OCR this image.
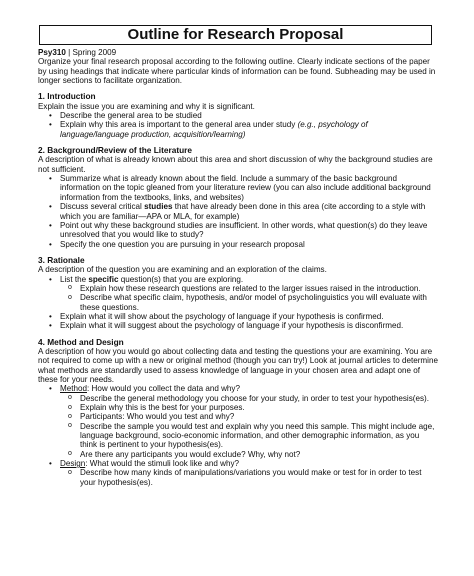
Outline for Research Proposal

Psy310 | Spring 2009

Organize your final research proposal according to the following outline. Clearly indicate sections of the paper by using headings that indicate where particular kinds of information can be found. Subheading may be used in longer sections to facilitate organization.

1. Introduction

Explain the issue you are examining and why it is significant.

• Describe the general area to be studied
• Explain why this area is important to the general area under study (e.g., psychology of language/language production, acquisition/learning)
2. Background/Review of the Literature

A description of what is already known about this area and short discussion of why the background studies are not sufficient.

• Summarize what is already known about the field. Include a summary of the basic background information on the topic gleaned from your literature review (you can also include additional background information from the textbooks, links, and websites)
• Discuss several critical studies that have already been done in this area (cite according to a style with which you are familiar—APA or MLA, for example)
• Point out why these background studies are insufficient. In other words, what question(s) do they leave unresolved that you would like to study?
• Specify the one question you are pursuing in your research proposal
3. Rationale

A description of the question you are examining and an exploration of the claims.

• List the specific question(s) that you are exploring.
o Explain how these research questions are related to the larger issues raised in the introduction.
o Describe what specific claim, hypothesis, and/or model of psycholinguistics you will evaluate with these questions.
• Explain what it will show about the psychology of language if your hypothesis is confirmed.
• Explain what it will suggest about the psychology of language if your hypothesis is disconfirmed.
4. Method and Design

A description of how you would go about collecting data and testing the questions your are examining. You are not required to come up with a new or original method (though you can try!) Look at journal articles to determine what methods are standardly used to assess knowledge of language in your chosen area and adapt one of these for your needs.

• Method: How would you collect the data and why?
o Describe the general methodology you choose for your study, in order to test your hypothesis(es).
o Explain why this is the best for your purposes.
o Participants: Who would you test and why?
o Describe the sample you would test and explain why you need this sample. This might include age, language background, socio-economic information, and other demographic information, as you think is pertinent to your hypothesis(es).
o Are there any participants you would exclude? Why, why not?
• Design: What would the stimuli look like and why?
o Describe how many kinds of manipulations/variations you would make or test for in order to test your hypothesis(es).
